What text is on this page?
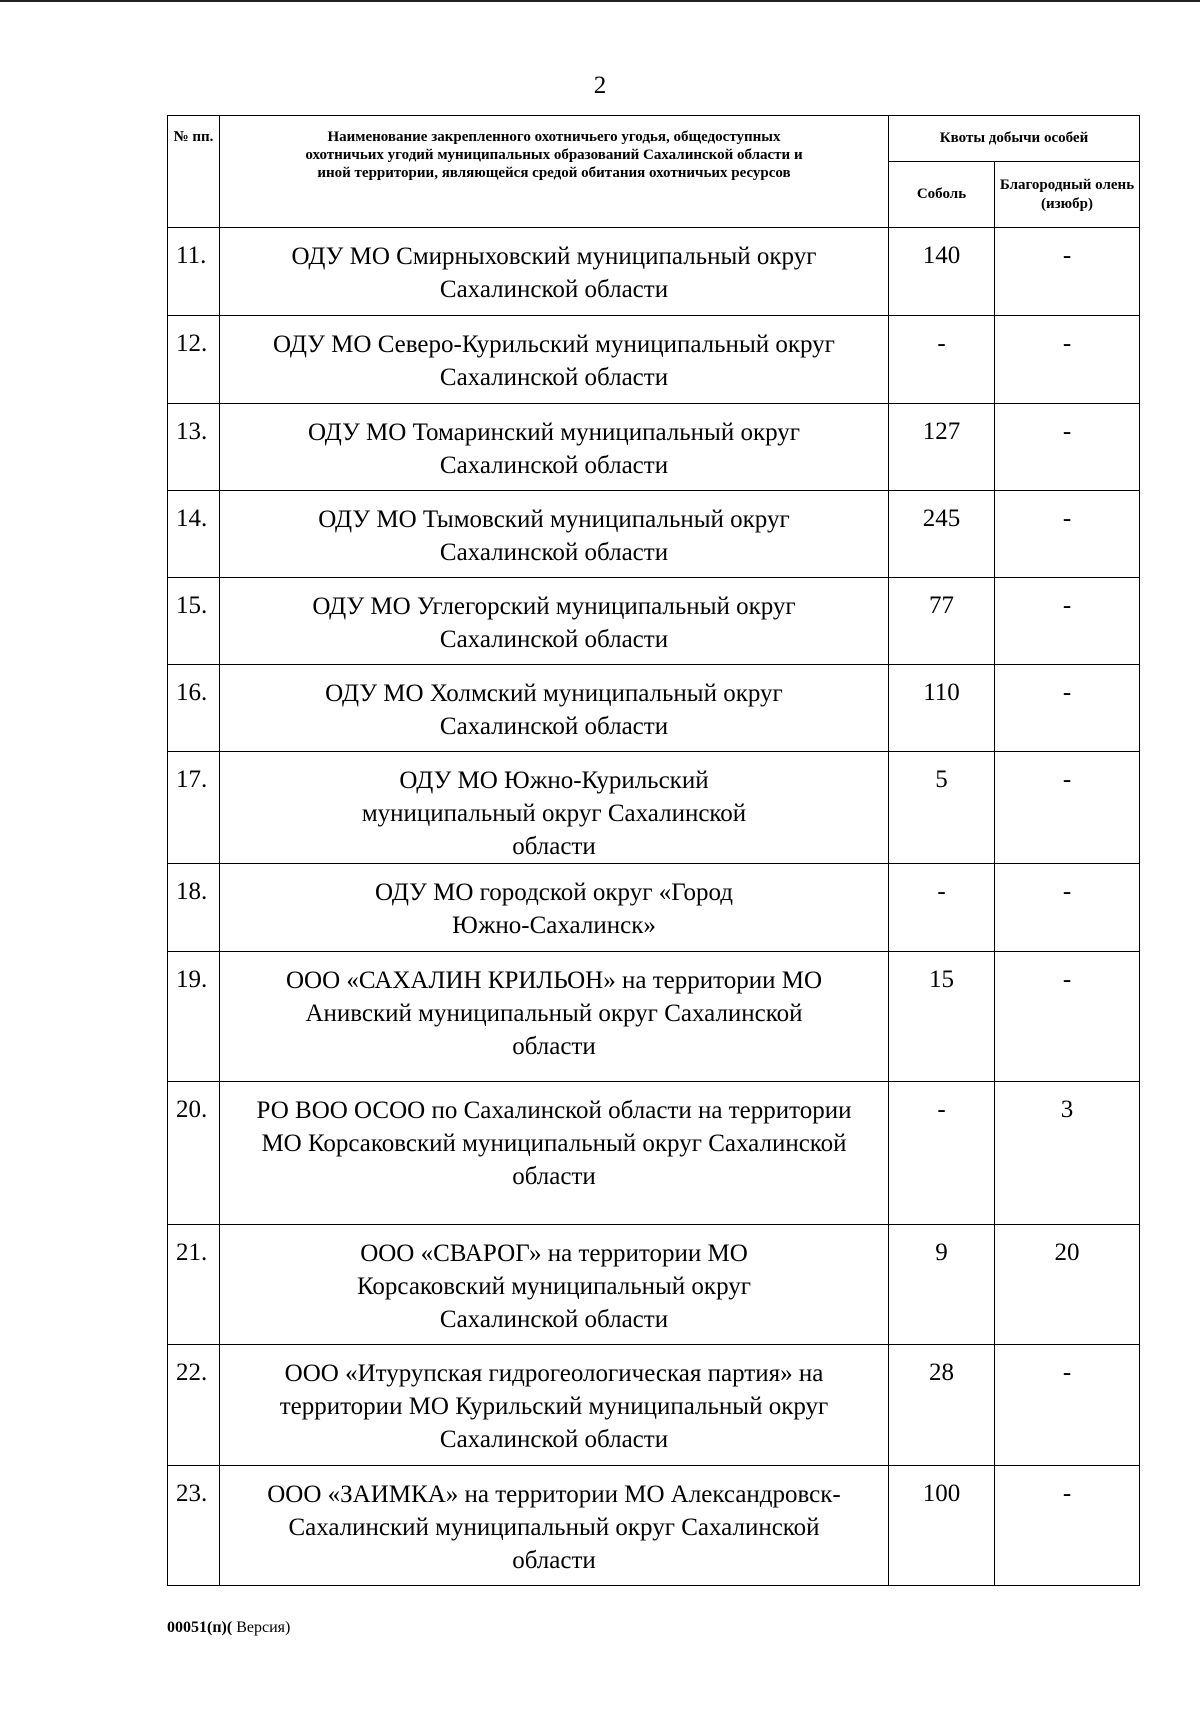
2
№ пп.	Наименование закрепленного охотничьего угодья, общедоступных охотничьих угодий муниципальных образований Сахалинской области и иной территории, являющейся средой обитания охотничьих ресурсов	Квоты добычи особей	
		Соболь	Благородный олень (изюбр)
11.	ОДУ МО Смирныховский муниципальный округ Сахалинской области	140	-
12.	ОДУ МО Северо-Курильский муниципальный округ Сахалинской области	-	-
13.	ОДУ МО Томаринский муниципальный округ Сахалинской области	127	-
14.	ОДУ МО Тымовский муниципальный округ Сахалинской области	245	-
15.	ОДУ МО Углегорский муниципальный округ Сахалинской области	77	-
16.	ОДУ МО Холмский муниципальный округ Сахалинской области	110	-
17.	ОДУ МО Южно-Курильский муниципальный округ Сахалинской области	5	-
18.	ОДУ МО городской округ «Город Южно-Сахалинск»	-	-
19.	ООО «САХАЛИН КРИЛЬОН» на территории МО Анивский муниципальный округ Сахалинской области	15	-
20.	РО ВОО ОСОО по Сахалинской области на территории МО Корсаковский муниципальный округ Сахалинской области	-	3
21.	ООО «СВАРОГ» на территории МО Корсаковский муниципальный округ Сахалинской области	9	20
22.	ООО «Итурупская гидрогеологическая партия» на территории МО Курильский муниципальный округ Сахалинской области	28	-
23.	ООО «ЗАИМКА» на территории МО Александровск-Сахалинский муниципальный округ Сахалинской области	100	-
00051(п)( Версия)
